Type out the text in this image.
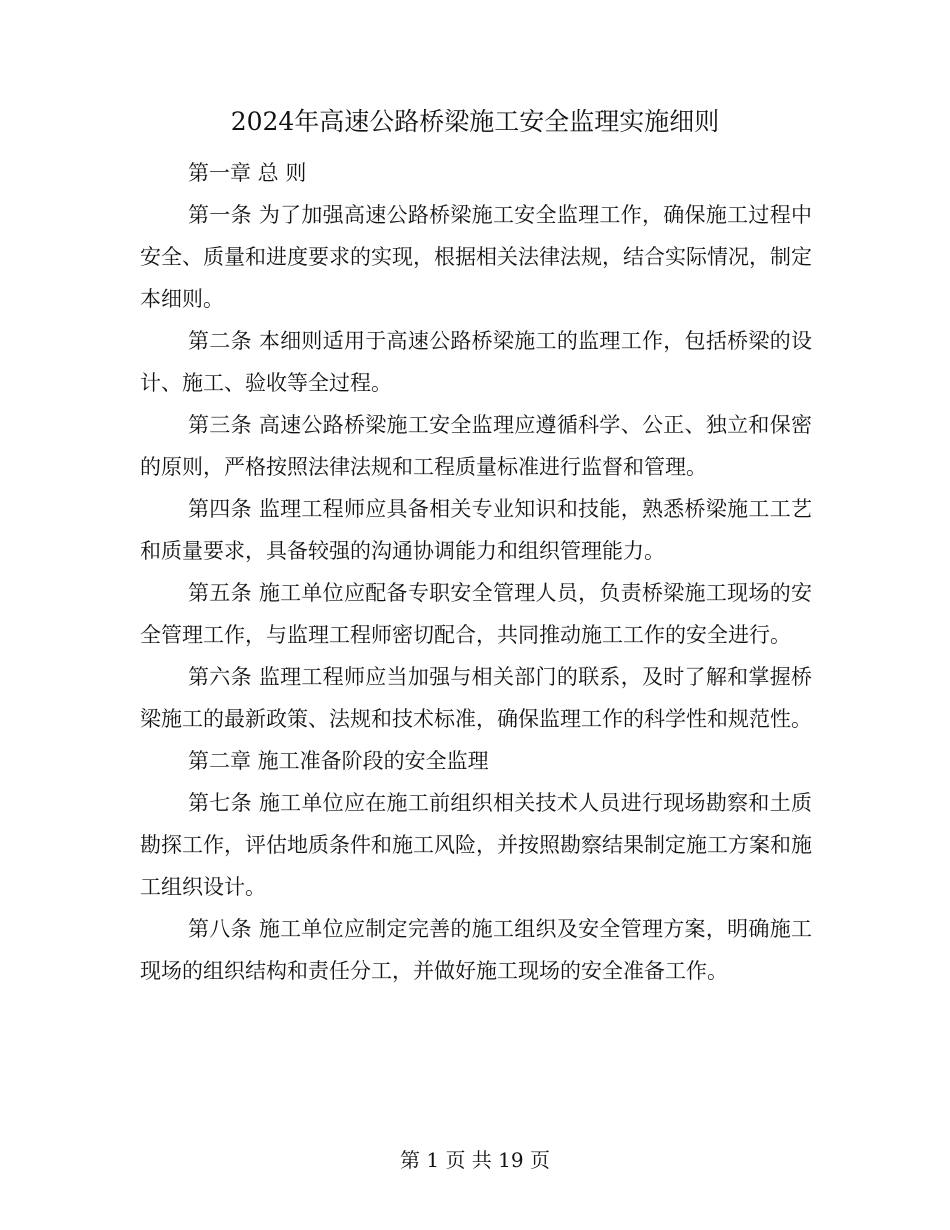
2024年高速公路桥梁施工安全监理实施细则

第一章 总 则

第一条 为了加强高速公路桥梁施工安全监理工作，确保施工过程中安全、质量和进度要求的实现，根据相关法律法规，结合实际情况，制定本细则。

第二条 本细则适用于高速公路桥梁施工的监理工作，包括桥梁的设计、施工、验收等全过程。

第三条 高速公路桥梁施工安全监理应遵循科学、公正、独立和保密的原则，严格按照法律法规和工程质量标准进行监督和管理。

第四条 监理工程师应具备相关专业知识和技能，熟悉桥梁施工工艺和质量要求，具备较强的沟通协调能力和组织管理能力。

第五条 施工单位应配备专职安全管理人员，负责桥梁施工现场的安全管理工作，与监理工程师密切配合，共同推动施工工作的安全进行。

第六条 监理工程师应当加强与相关部门的联系，及时了解和掌握桥梁施工的最新政策、法规和技术标准，确保监理工作的科学性和规范性。

第二章 施工准备阶段的安全监理

第七条 施工单位应在施工前组织相关技术人员进行现场勘察和土质勘探工作，评估地质条件和施工风险，并按照勘察结果制定施工方案和施工组织设计。

第八条 施工单位应制定完善的施工组织及安全管理方案，明确施工现场的组织结构和责任分工，并做好施工现场的安全准备工作。

第 1 页 共 19 页
